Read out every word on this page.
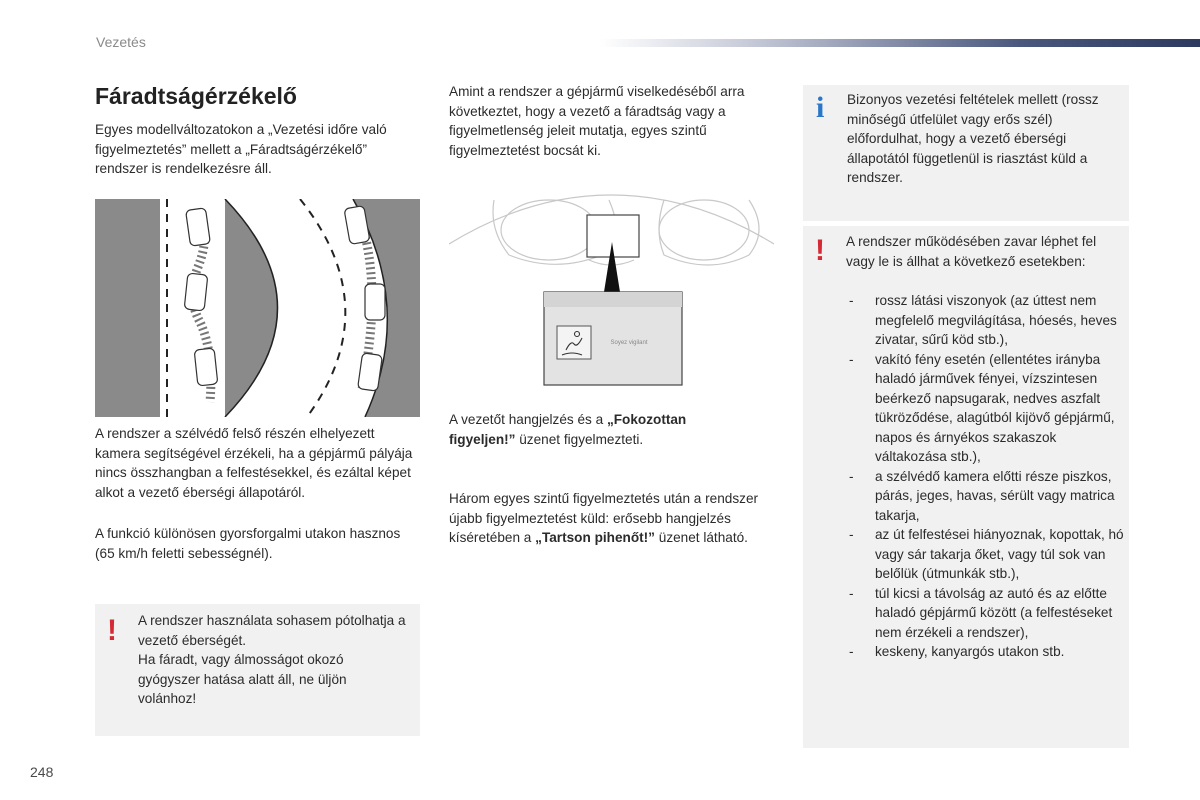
Vezetés
Fáradtságérzékelő

Egyes modellváltozatokon a „Vezetési időre való figyelmeztetés” mellett a „Fáradtságérzékelő” rendszer is rendelkezésre áll.

A rendszer a szélvédő felső részén elhelyezett kamera segítségével érzékeli, ha a gépjármű pályája nincs összhangban a felfestésekkel, és ezáltal képet alkot a vezető éberségi állapotáról.

A funkció különösen gyorsforgalmi utakon hasznos (65 km/h feletti sebességnél).

! A rendszer használata sohasem pótolhatja a vezető éberségét.
Ha fáradt, vagy álmosságot okozó gyógyszer hatása alatt áll, ne üljön volánhoz!

Amint a rendszer a gépjármű viselkedéséből arra következtet, hogy a vezető a fáradtság vagy a figyelmetlenség jeleit mutatja, egyes szintű figyelmeztetést bocsát ki.

Soyez vigilant

A vezetőt hangjelzés és a „Fokozottan figyeljen!” üzenet figyelmezteti.

Három egyes szintű figyelmeztetés után a rendszer újabb figyelmeztetést küld: erősebb hangjelzés kíséretében a „Tartson pihenőt!” üzenet látható.

i Bizonyos vezetési feltételek mellett (rossz minőségű útfelület vagy erős szél) előfordulhat, hogy a vezető éberségi állapotától függetlenül is riasztást küld a rendszer.

! A rendszer működésében zavar léphet fel vagy le is állhat a következő esetekben:

- rossz látási viszonyok (az úttest nem megfelelő megvilágítása, hóesés, heves zivatar, sűrű köd stb.),
- vakító fény esetén (ellentétes irányba haladó járművek fényei, vízszintesen beérkező napsugarak, nedves aszfalt tükröződése, alagútból kijövő gépjármű, napos és árnyékos szakaszok váltakozása stb.),
- a szélvédő kamera előtti része piszkos, párás, jeges, havas, sérült vagy matrica takarja,
- az út felfestései hiányoznak, kopottak, hó vagy sár takarja őket, vagy túl sok van belőlük (útmunkák stb.),
- túl kicsi a távolság az autó és az előtte haladó gépjármű között (a felfestéseket nem érzékeli a rendszer),
- keskeny, kanyargós utakon stb.
248
